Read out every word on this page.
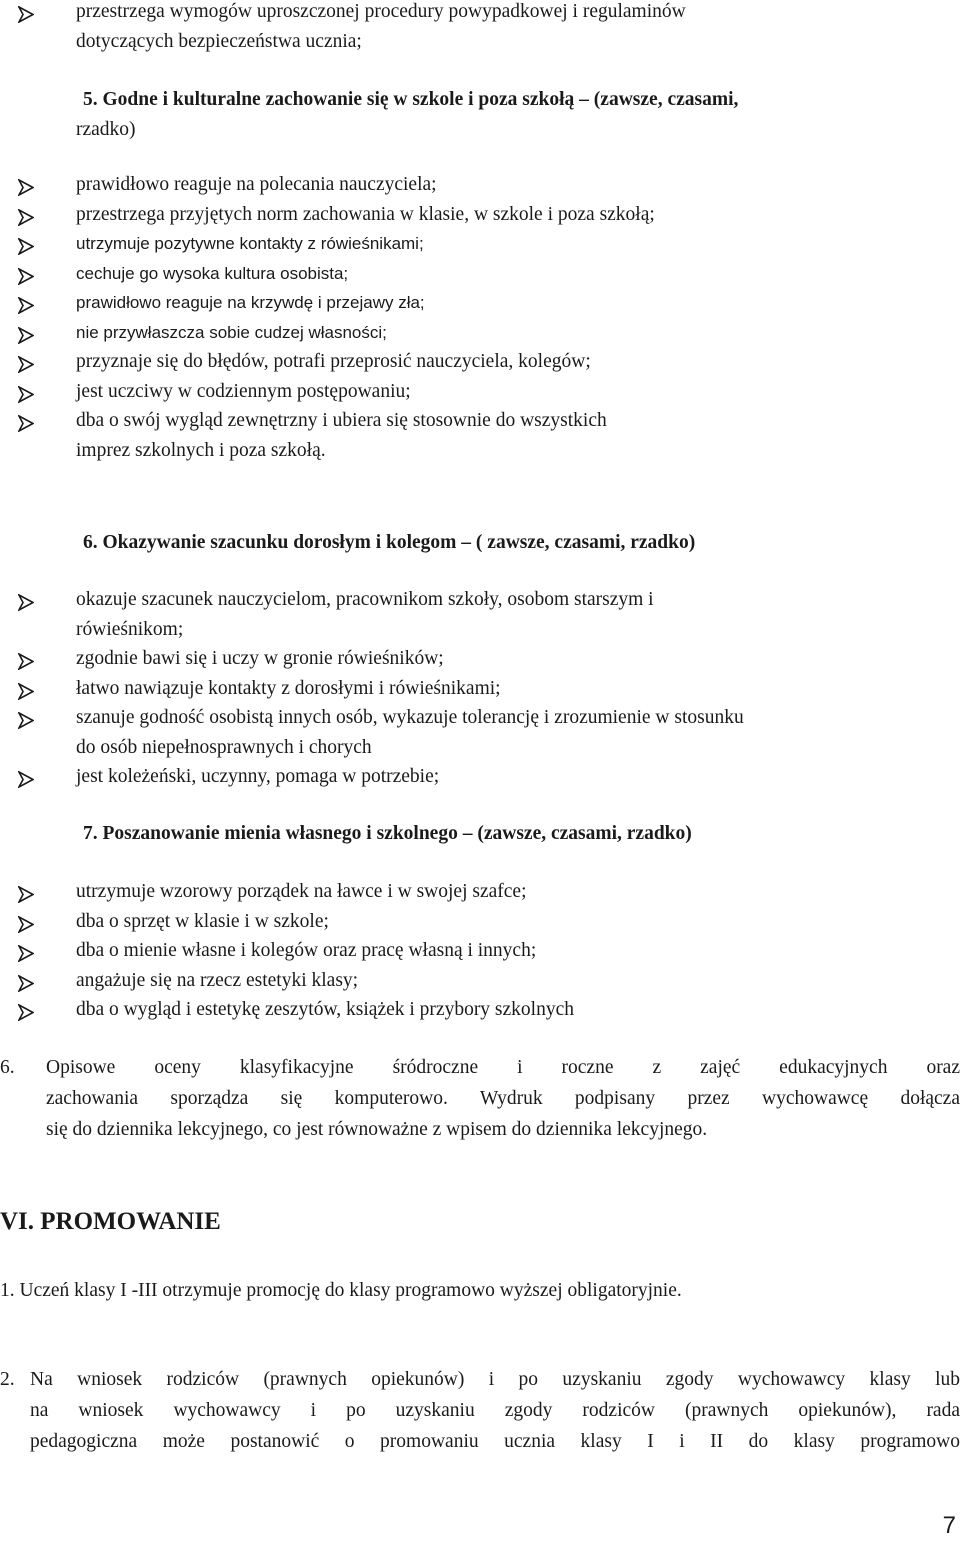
przestrzega wymogów uproszczonej procedury powypadkowej i regulaminów
dotyczących bezpieczeństwa ucznia;
5. Godne i kulturalne zachowanie się w szkole i poza szkołą – (zawsze, czasami,
rzadko)
prawidłowo reaguje na polecania nauczyciela;
przestrzega przyjętych norm zachowania w klasie, w szkole i poza szkołą;
utrzymuje pozytywne kontakty z rówieśnikami;
cechuje go wysoka kultura osobista;
prawidłowo reaguje na krzywdę i przejawy zła;
nie przywłaszcza sobie cudzej własności;
przyznaje się do błędów, potrafi przeprosić nauczyciela, kolegów;
jest uczciwy w codziennym postępowaniu;
dba o swój wygląd zewnętrzny i ubiera się stosownie do wszystkich
imprez szkolnych i poza szkołą.
6. Okazywanie szacunku dorosłym i kolegom – ( zawsze, czasami, rzadko)
okazuje szacunek nauczycielom, pracownikom szkoły, osobom starszym i
rówieśnikom;
zgodnie bawi się i uczy w gronie rówieśników;
łatwo nawiązuje kontakty z dorosłymi i rówieśnikami;
szanuje godność osobistą innych osób, wykazuje tolerancję i zrozumienie w stosunku
do osób niepełnosprawnych i chorych
jest koleżeński, uczynny, pomaga w potrzebie;
7. Poszanowanie mienia własnego i szkolnego – (zawsze, czasami, rzadko)
utrzymuje wzorowy porządek na ławce i w swojej szafce;
dba o sprzęt w klasie i w szkole;
dba o mienie własne i kolegów oraz pracę własną i innych;
angażuje się na rzecz estetyki klasy;
dba o wygląd i estetykę zeszytów, książek i przybory szkolnych
6. Opisowe oceny klasyfikacyjne śródroczne i roczne z zajęć edukacyjnych oraz
zachowania sporządza się komputerowo. Wydruk podpisany przez wychowawcę dołącza
się do dziennika lekcyjnego, co jest równoważne z wpisem do dziennika lekcyjnego.
VI. PROMOWANIE
1. Uczeń klasy I -III otrzymuje promocję do klasy programowo wyższej obligatoryjnie.
2. Na wniosek rodziców (prawnych opiekunów) i po uzyskaniu zgody wychowawcy klasy lub
na wniosek wychowawcy i po uzyskaniu zgody rodziców (prawnych opiekunów), rada
pedagogiczna może postanowić o promowaniu ucznia klasy I i II do klasy programowo
7
